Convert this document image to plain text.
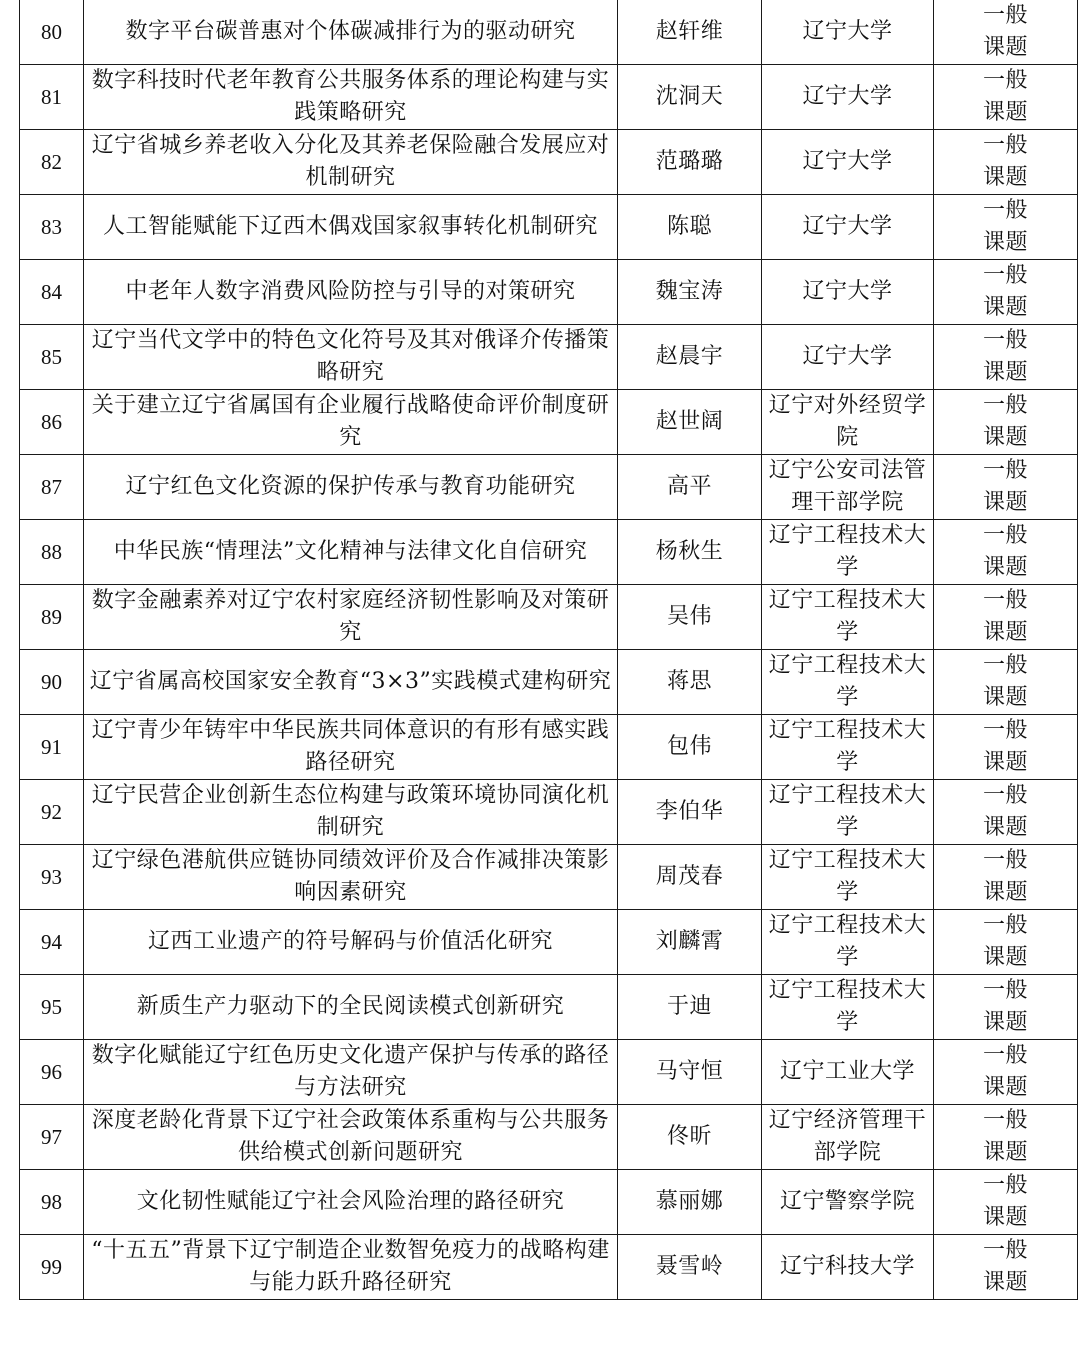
80	数字平台碳普惠对个体碳减排行为的驱动研究	赵轩维	辽宁大学	一般课题

81	数字科技时代老年教育公共服务体系的理论构建与实践策略研究	沈洞天	辽宁大学	一般课题

82	辽宁省城乡养老收入分化及其养老保险融合发展应对机制研究	范璐璐	辽宁大学	一般课题

83	人工智能赋能下辽西木偶戏国家叙事转化机制研究	陈聪	辽宁大学	一般课题

84	中老年人数字消费风险防控与引导的对策研究	魏宝涛	辽宁大学	一般课题

85	辽宁当代文学中的特色文化符号及其对俄译介传播策略研究	赵晨宇	辽宁大学	一般课题

86	关于建立辽宁省属国有企业履行战略使命评价制度研究	赵世阔	辽宁对外经贸学院	一般课题

87	辽宁红色文化资源的保护传承与教育功能研究	高平	辽宁公安司法管理干部学院	一般课题

88	中华民族“情理法”文化精神与法律文化自信研究	杨秋生	辽宁工程技术大学	一般课题

89	数字金融素养对辽宁农村家庭经济韧性影响及对策研究	吴伟	辽宁工程技术大学	一般课题

90	辽宁省属高校国家安全教育“3×3”实践模式建构研究	蒋思	辽宁工程技术大学	一般课题

91	辽宁青少年铸牢中华民族共同体意识的有形有感实践路径研究	包伟	辽宁工程技术大学	一般课题

92	辽宁民营企业创新生态位构建与政策环境协同演化机制研究	李伯华	辽宁工程技术大学	一般课题

93	辽宁绿色港航供应链协同绩效评价及合作减排决策影响因素研究	周茂春	辽宁工程技术大学	一般课题

94	辽西工业遗产的符号解码与价值活化研究	刘麟霄	辽宁工程技术大学	一般课题

95	新质生产力驱动下的全民阅读模式创新研究	于迪	辽宁工程技术大学	一般课题

96	数字化赋能辽宁红色历史文化遗产保护与传承的路径与方法研究	马守恒	辽宁工业大学	一般课题

97	深度老龄化背景下辽宁社会政策体系重构与公共服务供给模式创新问题研究	佟昕	辽宁经济管理干部学院	一般课题

98	文化韧性赋能辽宁社会风险治理的路径研究	慕丽娜	辽宁警察学院	一般课题

99	“十五五”背景下辽宁制造企业数智免疫力的战略构建与能力跃升路径研究	聂雪岭	辽宁科技大学	一般课题
